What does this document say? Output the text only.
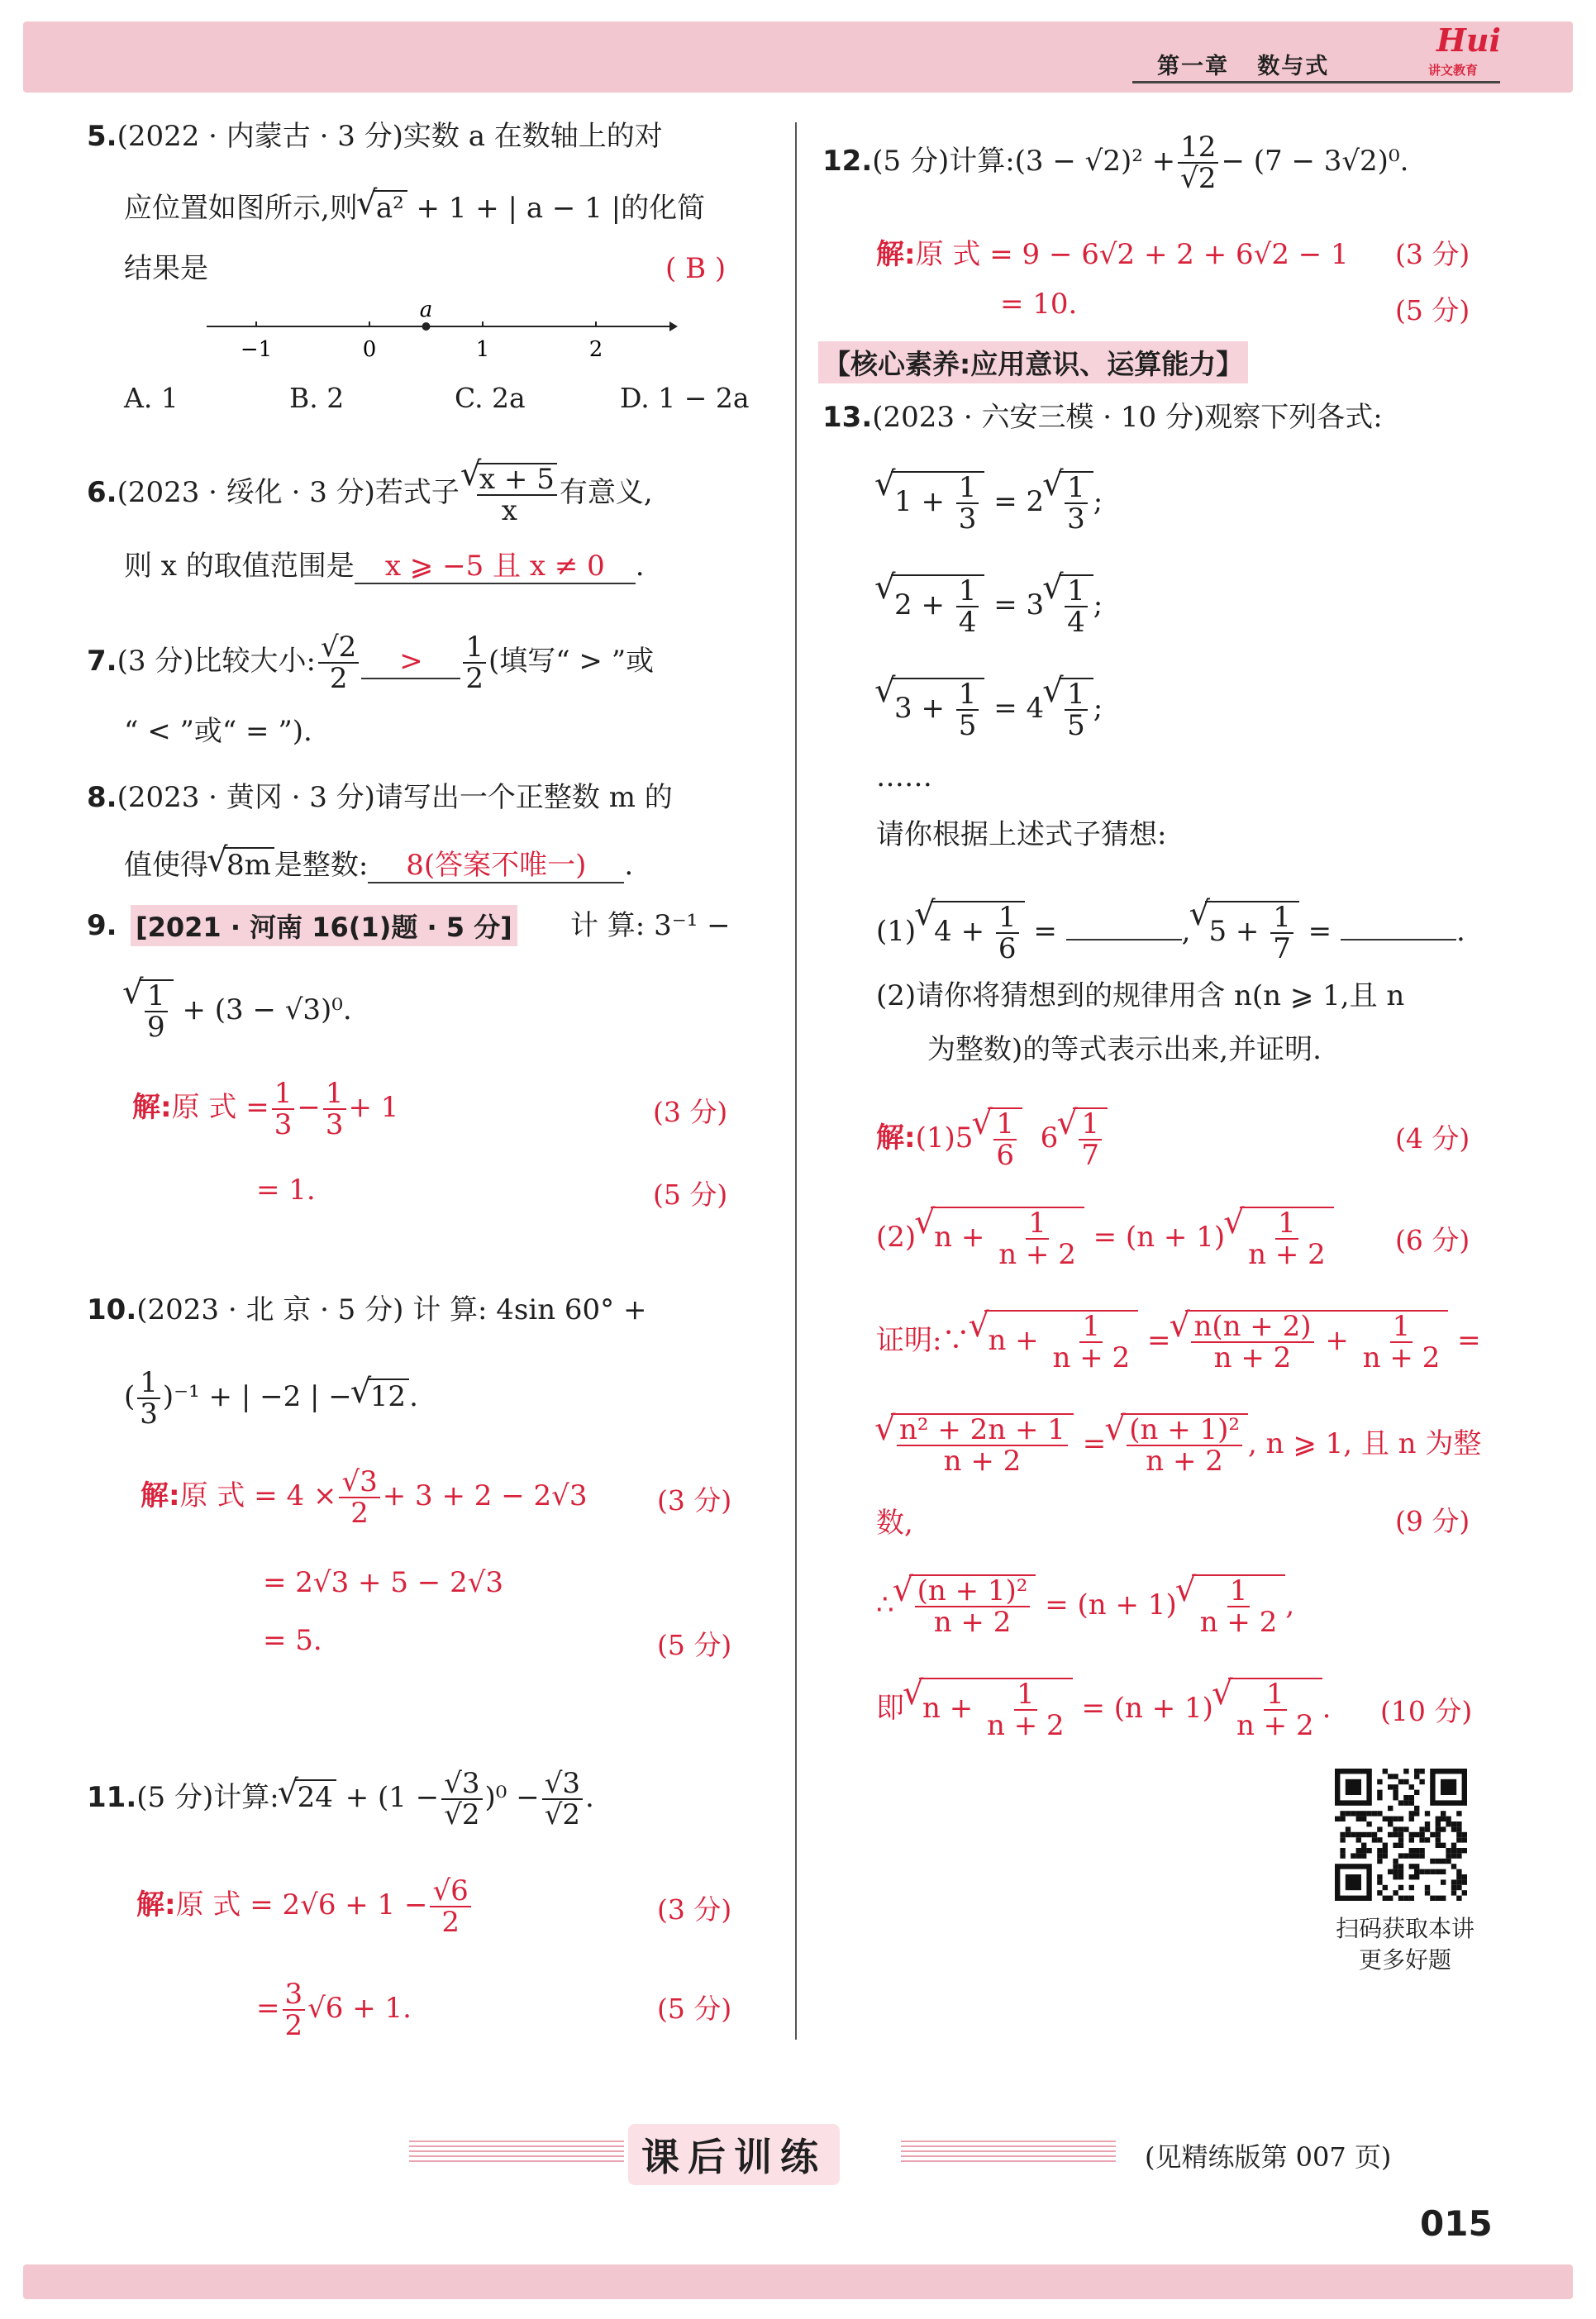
第一章 数与式
Hui
讲文教育
5.(2022 · 内蒙古 · 3 分)实数 a 在数轴上的对
应位置如图所示,则 √ a² + 1 + | a − 1 |的化简
结果是	( B )
−1	0	1	2
a
A. 1	B. 2	C. 2a	D. 1 − 2a
6.(2023 · 绥化 · 3 分)若式子 √ $\frac{x + 5}{x}$ 有意义,
则 x 的取值范围是 x ⩾ −5 且 x ≠ 0 .
7.(3 分)比较大小: $\frac{√2}{2} > \frac{1}{2}$ (填写“ > ”或
“ < ”或“ = ”).
8.(2023 · 黄冈 · 3 分)请写出一个正整数 m 的
值使得 √ 8m 是整数: 8(答案不唯一) .
9. [2021 · 河南 16(1)题 · 5 分] 计 算: 3⁻¹ −
√ $\frac{1}{9} + (3 - √3)^0$.
解:原 式 = $\frac{1}{3} - \frac{1}{3} + 1$	(3 分)
= 1.	(5 分)
10.(2023 · 北 京 · 5 分) 计 算: 4sin 60° +
( $\frac{1}{3} )^{-1}$ + | −2 | − √ 12 .
解:原 式 = $4 \times \frac{√3}{2} + 3 + 2 - 2√3$	(3 分)
= 2√3 + 5 − 2√3
= 5.	(5 分)
11.(5 分)计算: √ $24 + (1 - \frac{√3}{√2} )^0 - \frac{√3}{√2}$ .
解:原 式 = $2√6 + 1 - \frac{√6}{2}$	(3 分)
= $\frac{3}{2} √6 + 1$.	(5 分)
12.(5 分)计算:(3 − $√2)^2 + \frac{12}{√2} - (7 - 3√2)^0$.
解:原 式 = 9 − 6√2 + 2 + 6√2 − 1 (3 分)
= 10.	(5 分)
【核心素养:应用意识、运算能力】
13.(2023 · 六安三模 · 10 分)观察下列各式:
√ $1 + \frac{1}{3} = 2$ √ $\frac{1}{3}$ ;
√ $2 + \frac{1}{4} = 3$ √ $\frac{1}{4}$ ;
√ $3 + \frac{1}{5} = 4$ √ $\frac{1}{5}$ ;
……
请你根据上述式子猜想:
(1) √ $4 + \frac{1}{6}$ =	, √ $5 + \frac{1}{7}$ =	.
(2)请你将猜想到的规律用含 n(n ⩾ 1,且 n
为整数)的等式表示出来,并证明.
解:(1)5 √ $\frac{1}{6} 6$ √ $\frac{1}{7}$	(4 分)
(2) √ $n + \frac{1}{n + 2} = (n + 1)$ √ $\frac{1}{n + 2} (6$ 分)
证明:∵ √ $n + \frac{1}{n + 2}$ = √ $\frac{n(n + 2)}{n + 2} + \frac{1}{n + 2}$ =
√ $\frac{\text{n² + 2n + 1}}{n + 2}$ = √ $\frac{\text{(n + 1)²}}{n + 2}$ , n ⩾ 1, 且 n 为整
数,	(9 分)
∴ √ $\frac{\text{(n + 1)²}}{n + 2} = (n + 1)$ √ $\frac{1}{n + 2}$ ,
即 √ $n + \frac{1}{n + 2} = (n + 1)$ √ $\frac{1}{n + 2}$ . (10 分)
扫码获取本讲
更多好题
课后训练	(见精练版第 007 页)
015
